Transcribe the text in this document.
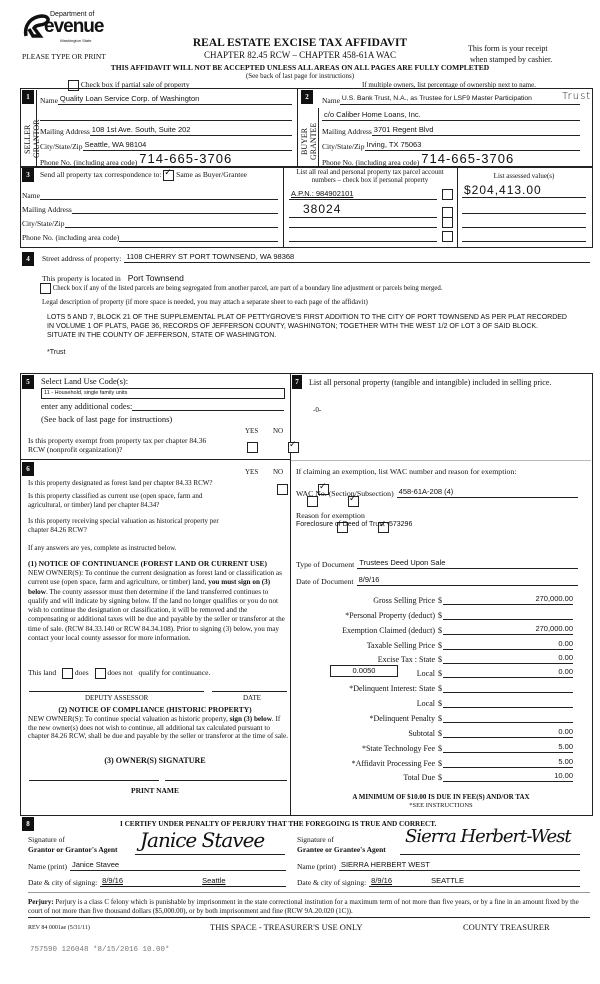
Department of
evenue
Washington State
PLEASE TYPE OR PRINT
REAL ESTATE EXCISE TAX AFFIDAVIT
CHAPTER 82.45 RCW – CHAPTER 458-61A WAC
This form is your receipt
when stamped by cashier.
THIS AFFIDAVIT WILL NOT BE ACCEPTED UNLESS ALL AREAS ON ALL PAGES ARE FULLY COMPLETED
(See back of last page for instructions)
Check box if partial sale of property	If multiple owners, list percentage of ownership next to name.
1
SELLER

Name Quality Loan Service Corp. of Washington
Mailing Address 108 1st Ave. South, Suite 202
City/State/Zip Seattle, WA 98104
Phone No. (including area code) 714-665-3706
2
BUYER
GRANTEE
Name U.S. Bank Trust, N.A., as Trustee for LSF9 Master Participation	Trust
c/o Caliber Home Loans, Inc.
Mailing Address 3701 Regent Blvd
City/State/Zip Irving, TX 75063
Phone No. (including area code) 714-665-3706
3	Send all property tax correspondence to: ✓ Same as Buyer/Grantee
Name
Mailing Address
City/State/Zip
Phone No. (including area code)
List all real and personal property tax parcel account numbers – check box if personal property	List assessed value(s)
A.P.N.: 984902101	$204,413.00
38024
4	Street address of property: 1108 CHERRY ST PORT TOWNSEND, WA 98368
This property is located in Port Townsend
Check box if any of the listed parcels are being segregated from another parcel, are part of a boundary line adjustment or parcels being merged.
Legal description of property (if more space is needed, you may attach a separate sheet to each page of the affidavit)
LOTS 5 AND 7, BLOCK 21 OF THE SUPPLEMENTAL PLAT OF PETTYGROVE'S FIRST ADDITION TO THE CITY OF PORT TOWNSEND AS PER PLAT RECORDED IN VOLUME 1 OF PLATS, PAGE 36, RECORDS OF JEFFERSON COUNTY, WASHINGTON; TOGETHER WITH THE WEST 1/2 OF LOT 3 OF SAID BLOCK. SITUATE IN THE COUNTY OF JEFFERSON, STATE OF WASHINGTON.
*Trust
5	Select Land Use Code(s):
11 - Household, single family units
enter any additional codes:
(See back of last page for instructions)
YES NO
Is this property exempt from property tax per chapter 84.36 RCW (nonprofit organization)?
✓
6	YES NO
Is this property designated as forest land per chapter 84.33 RCW?
✓
Is this property classified as current use (open space, farm and agricultural, or timber) land per chapter 84.34?
✓
Is this property receiving special valuation as historical property per chapter 84.26 RCW?
✓
If any answers are yes, complete as instructed below.
(1) NOTICE OF CONTINUANCE (FOREST LAND OR CURRENT USE)
NEW OWNER(S): To continue the current designation as forest land or classification as current use (open space, farm and agriculture, or timber) land, you must sign on (3) below. The county assessor must then determine if the land transferred continues to qualify and will indicate by signing below. If the land no longer qualifies or you do not wish to continue the designation or classification, it will be removed and the compensating or additional taxes will be due and payable by the seller or transferor at the time of sale. (RCW 84.33.140 or RCW 84.34.108). Prior to signing (3) below, you may contact your local county assessor for more information.
This land	does	does not qualify for continuance.
DEPUTY ASSESSOR	DATE
(2) NOTICE OF COMPLIANCE (HISTORIC PROPERTY)
NEW OWNER(S): To continue special valuation as historic property, sign (3) below. If the new owner(s) does not wish to continue, all additional tax calculated pursuant to chapter 84.26 RCW, shall be due and payable by the seller or transferor at the time of sale.
(3) OWNER(S) SIGNATURE
PRINT NAME
7	List all personal property (tangible and intangible) included in selling price.
-0-
If claiming an exemption, list WAC number and reason for exemption:
WAC No. (Section/Subsection) 458-61A-208 (4)
Reason for exemption
Foreclosure of Deed of Trust -573296
Type of Document Trustees Deed Upon Sale
Date of Document 8/9/16
Gross Selling Price $	270,000.00
*Personal Property (deduct) $
Exemption Claimed (deduct) $	270,000.00
Taxable Selling Price $	0.00
Excise Tax : State $	0.00
0.0050	Local $	0.00
*Delinquent Interest: State $
Local $
*Delinquent Penalty $
Subtotal $	0.00
*State Technology Fee $	5.00
*Affidavit Processing Fee $	5.00
Total Due $	10.00
A MINIMUM OF $10.00 IS DUE IN FEE(S) AND/OR TAX
*SEE INSTRUCTIONS
8	I CERTIFY UNDER PENALTY OF PERJURY THAT THE FOREGOING IS TRUE AND CORRECT.
Signature of
Grantor or Grantor's Agent Janice Stavee
Name (print) Janice Stavee
Date & city of signing: 8/9/16	Seattle
Signature of
Grantee or Grantee's Agent
Sierra Herbert-West
Name (print) SIERRA HERBERT WEST
Date & city of signing: 8/9/16	SEATTLE
Perjury: Perjury is a class C felony which is punishable by imprisonment in the state correctional institution for a maximum term of not more than five years, or by a fine in an amount fixed by the court of not more than five thousand dollars ($5,000.00), or by both imprisonment and fine (RCW 9A.20.020 (1C)).
REV 84 0001ae (5/31/11)	THIS SPACE - TREASURER'S USE ONLY	COUNTY TREASURER
757590 126048 *8/15/2016 10.00*
